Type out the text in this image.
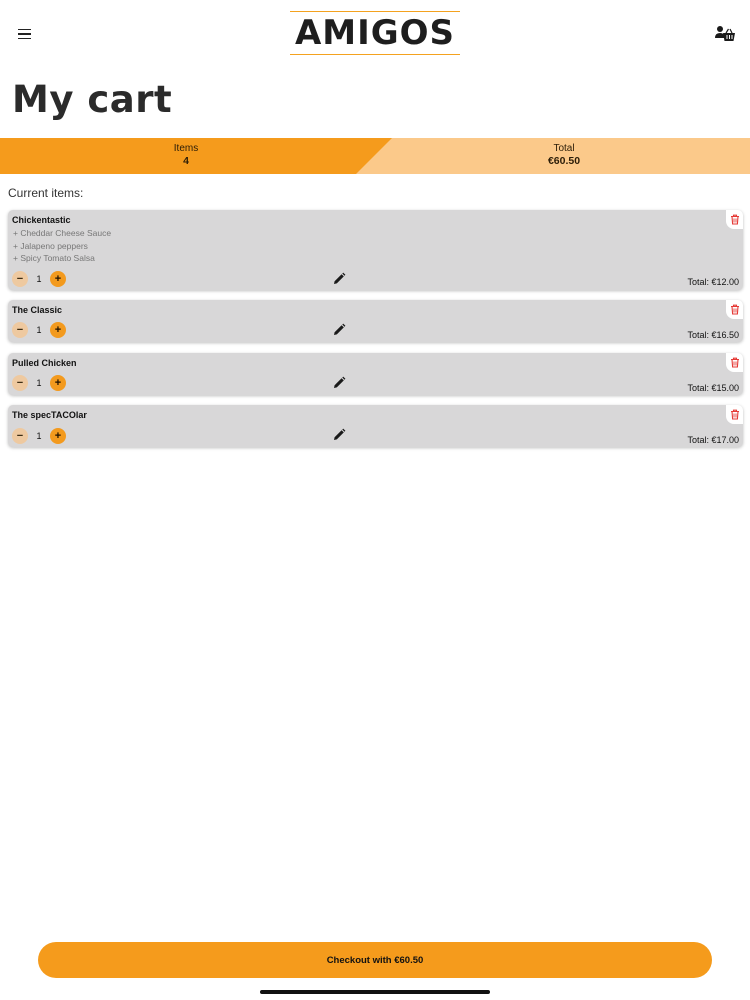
AMIGOS
My cart
Items
4
Total
€60.50
Current items:
Chickentastic
+ Cheddar Cheese Sauce
+ Jalapeno peppers
+ Spicy Tomato Salsa
−	1	+	Total: €12.00
The Classic
−	1	+	Total: €16.50
Pulled Chicken
−	1	+	Total: €15.00
The specTACOlar
−	1	+	Total: €17.00
Checkout with €60.50
